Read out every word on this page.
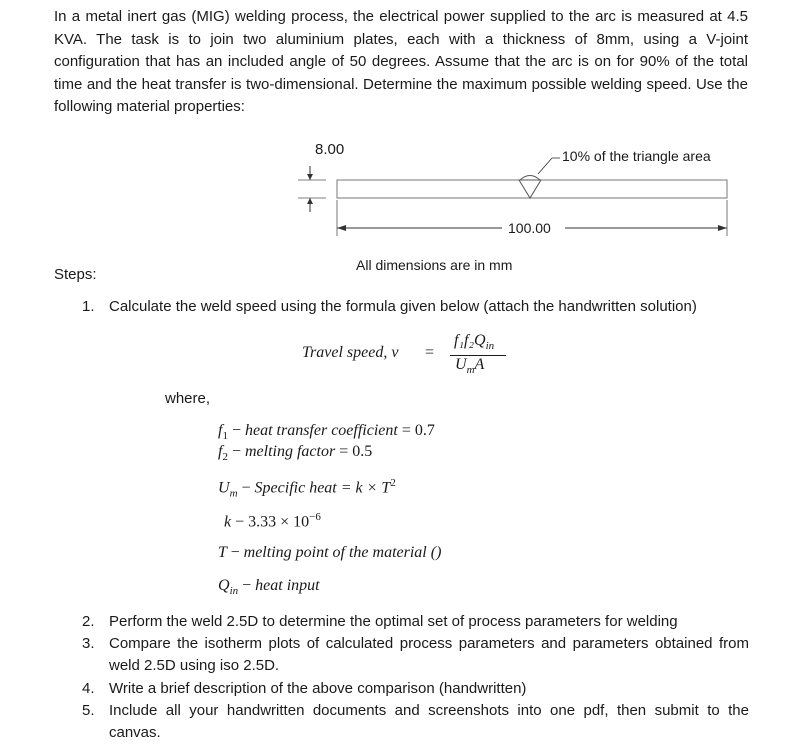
In a metal inert gas (MIG) welding process, the electrical power supplied to the arc is measured at 4.5 KVA. The task is to join two aluminium plates, each with a thickness of 8mm, using a V-joint configuration that has an included angle of 50 degrees. Assume that the arc is on for 90% of the total time and the heat transfer is two-dimensional. Determine the maximum possible welding speed. Use the following material properties:
8.00	10% of the triangle area
100.00
All dimensions are in mm
Steps:
1. Calculate the weld speed using the formula given below (attach the handwritten solution)
Travel speed, v =
$f_1f_2Q_{in}$
$U_mA$
where,
$f_1$ − heat transfer coefficient = 0.7
$f_2$ − melting factor = 0.5
$U_m$ − Specific heat = $k \times T^2$
$k - 3.33 \times 10^{-6}$
T − melting point of the material ()
$Q_{in}$ − heat input
2. Perform the weld 2.5D to determine the optimal set of process parameters for welding
3. Compare the isotherm plots of calculated process parameters and parameters obtained from weld 2.5D using iso 2.5D.
4. Write a brief description of the above comparison (handwritten)
5. Include all your handwritten documents and screenshots into one pdf, then submit to the canvas.
